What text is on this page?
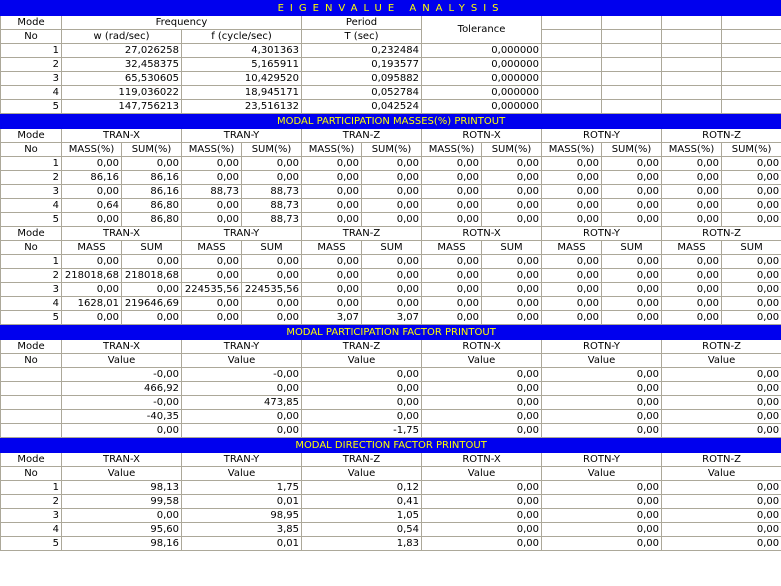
EIGENVALUE ANALYSIS												
Mode	Frequency				Period		Tolerance					
No	w (rad/sec)		f (cycle/sec)		T (sec)							
1	27,026258		4,301363		0,232484		0,000000					
2	32,458375		5,165911		0,193577		0,000000					
3	65,530605		10,429520		0,095882		0,000000					
4	119,036022		18,945171		0,052784		0,000000					
5	147,756213		23,516132		0,042524		0,000000					
MODAL PARTICIPATION MASSES(%) PRINTOUT												
Mode	TRAN-X		TRAN-Y		TRAN-Z		ROTN-X		ROTN-Y		ROTN-Z	
No	MASS(%)	SUM(%)	MASS(%)	SUM(%)	MASS(%)	SUM(%)	MASS(%)	SUM(%)	MASS(%)	SUM(%)	MASS(%)	SUM(%)
1	0,00	0,00	0,00	0,00	0,00	0,00	0,00	0,00	0,00	0,00	0,00	0,00
2	86,16	86,16	0,00	0,00	0,00	0,00	0,00	0,00	0,00	0,00	0,00	0,00
3	0,00	86,16	88,73	88,73	0,00	0,00	0,00	0,00	0,00	0,00	0,00	0,00
4	0,64	86,80	0,00	88,73	0,00	0,00	0,00	0,00	0,00	0,00	0,00	0,00
5	0,00	86,80	0,00	88,73	0,00	0,00	0,00	0,00	0,00	0,00	0,00	0,00
Mode	TRAN-X		TRAN-Y		TRAN-Z		ROTN-X		ROTN-Y		ROTN-Z	
No	MASS	SUM	MASS	SUM	MASS	SUM	MASS	SUM	MASS	SUM	MASS	SUM
1	0,00	0,00	0,00	0,00	0,00	0,00	0,00	0,00	0,00	0,00	0,00	0,00
2	218018,68	218018,68	0,00	0,00	0,00	0,00	0,00	0,00	0,00	0,00	0,00	0,00
3	0,00	0,00	224535,56	224535,56	0,00	0,00	0,00	0,00	0,00	0,00	0,00	0,00
4	1628,01	219646,69	0,00	0,00	0,00	0,00	0,00	0,00	0,00	0,00	0,00	0,00
5	0,00	0,00	0,00	0,00	3,07	3,07	0,00	0,00	0,00	0,00	0,00	0,00
MODAL PARTICIPATION FACTOR PRINTOUT												
Mode	TRAN-X		TRAN-Y		TRAN-Z		ROTN-X		ROTN-Y		ROTN-Z	
No	Value		Value		Value		Value		Value		Value	
	-0,00		-0,00		0,00		0,00		0,00		0,00	
	466,92		0,00		0,00		0,00		0,00		0,00	
	-0,00		473,85		0,00		0,00		0,00		0,00	
	-40,35		0,00		0,00		0,00		0,00		0,00	
	0,00		0,00		-1,75		0,00		0,00		0,00	
MODAL DIRECTION FACTOR PRINTOUT												
Mode	TRAN-X		TRAN-Y		TRAN-Z		ROTN-X		ROTN-Y		ROTN-Z	
No	Value		Value		Value		Value		Value		Value	
1	98,13		1,75		0,12		0,00		0,00		0,00	
2	99,58		0,01		0,41		0,00		0,00		0,00	
3	0,00		98,95		1,05		0,00		0,00		0,00	
4	95,60		3,85		0,54		0,00		0,00		0,00	
5	98,16		0,01		1,83		0,00		0,00		0,00	
